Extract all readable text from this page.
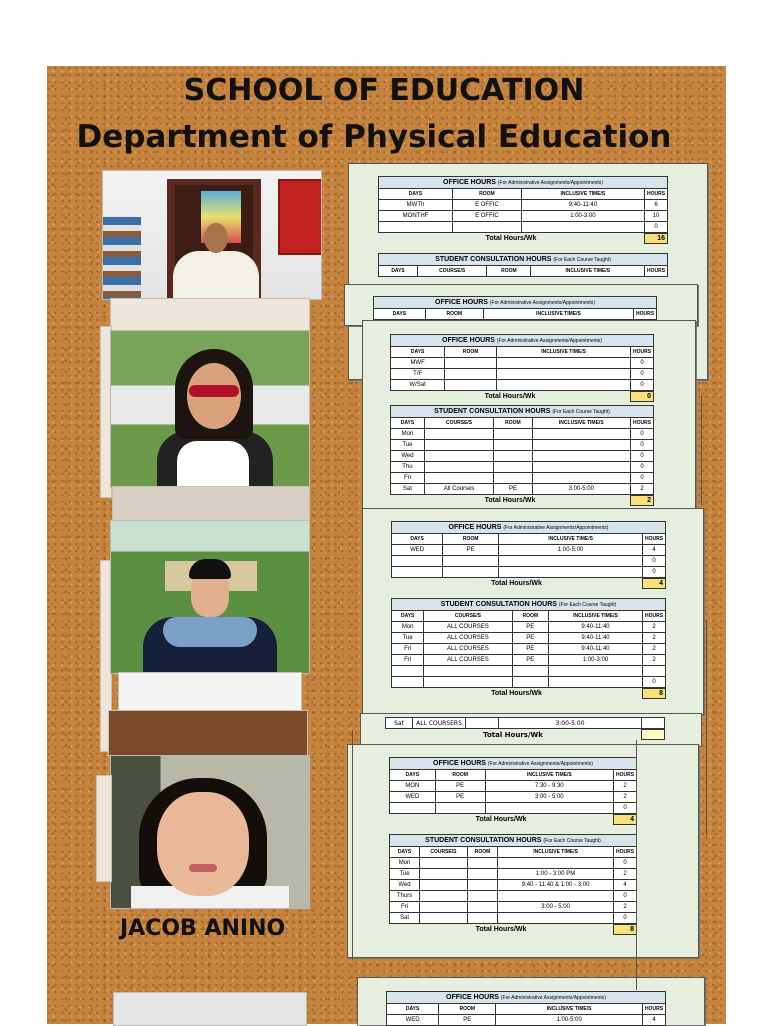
SCHOOL OF EDUCATION
Department of Physical Education
JACOB ANINO
OFFICE HOURS (For Administrative Assignments/Appointments)
DAYS	ROOM	INCLUSIVE TIME/S	HOURS
MWTh	E OFFIC	9:40-11:40	6
MONTHF	E OFFIC	1:00-3:00	10
			0
Total Hours/Wk	16
STUDENT CONSULTATION HOURS (For Each Course Taught)
DAYS	COURSE/S	ROOM	INCLUSIVE TIME/S	HOURS
OFFICE HOURS (For Administrative Assignments/Appointments)
DAYS	ROOM	INCLUSIVE TIME/S	HOURS
OFFICE HOURS (For Administrative Assignments/Appointments)
DAYS	ROOM	INCLUSIVE TIME/S	HOURS
MWF			0
T/F			0
W/Sat			0
Total Hours/Wk	0
STUDENT CONSULTATION HOURS (For Each Course Taught)
DAYS	COURSE/S	ROOM	INCLUSIVE TIME/S	HOURS
Mon				0
Tue				0
Wed				0
Thu				0
Fri				0
Sat	All Courses	PE	3:00-5:00	2
Total Hours/Wk	2
OFFICE HOURS (For Administrative Assignments/Appointments)
DAYS	ROOM	INCLUSIVE TIME/S	HOURS
WED	PE	1:00-5:00	4
			0
			0
Total Hours/Wk	4
STUDENT CONSULTATION HOURS (For Each Course Taught)
DAYS	COURSE/S	ROOM	INCLUSIVE TIME/S	HOURS
Mon	ALL COURSES	PE	9:40-11:40	2
Tue	ALL COURSES	PE	9:40-11:40	2
Fri	ALL COURSES	PE	9:40-11:40	2
Fri	ALL COURSES	PE	1:00-3:00	2

				0
Total Hours/Wk	8
Sat	ALL COURSERS		3:00-5:00	
Total Hours/Wk
OFFICE HOURS (For Administrative Assignments/Appointments)
DAYS	ROOM	INCLUSIVE TIME/S	HOURS
MON	PE	7:30 - 9:30	2
WED	PE	3:00 - 5:00	2
			0
Total Hours/Wk	4
STUDENT CONSULTATION HOURS (For Each Course Taught)
DAYS	COURSE/S	ROOM	INCLUSIVE TIME/S	HOURS
Mon				0
Tue			1:00 - 3:00 PM	2
Wed			9:40 - 11:40 & 1:00 - 3:00	4
Thurs				0
Fri			3:00 - 5:00	2
Sat				0
Total Hours/Wk	8
OFFICE HOURS (For Administrative Assignments/Appointments)
DAYS	ROOM	INCLUSIVE TIME/S	HOURS
WED	PE	1:00-5:00	4
